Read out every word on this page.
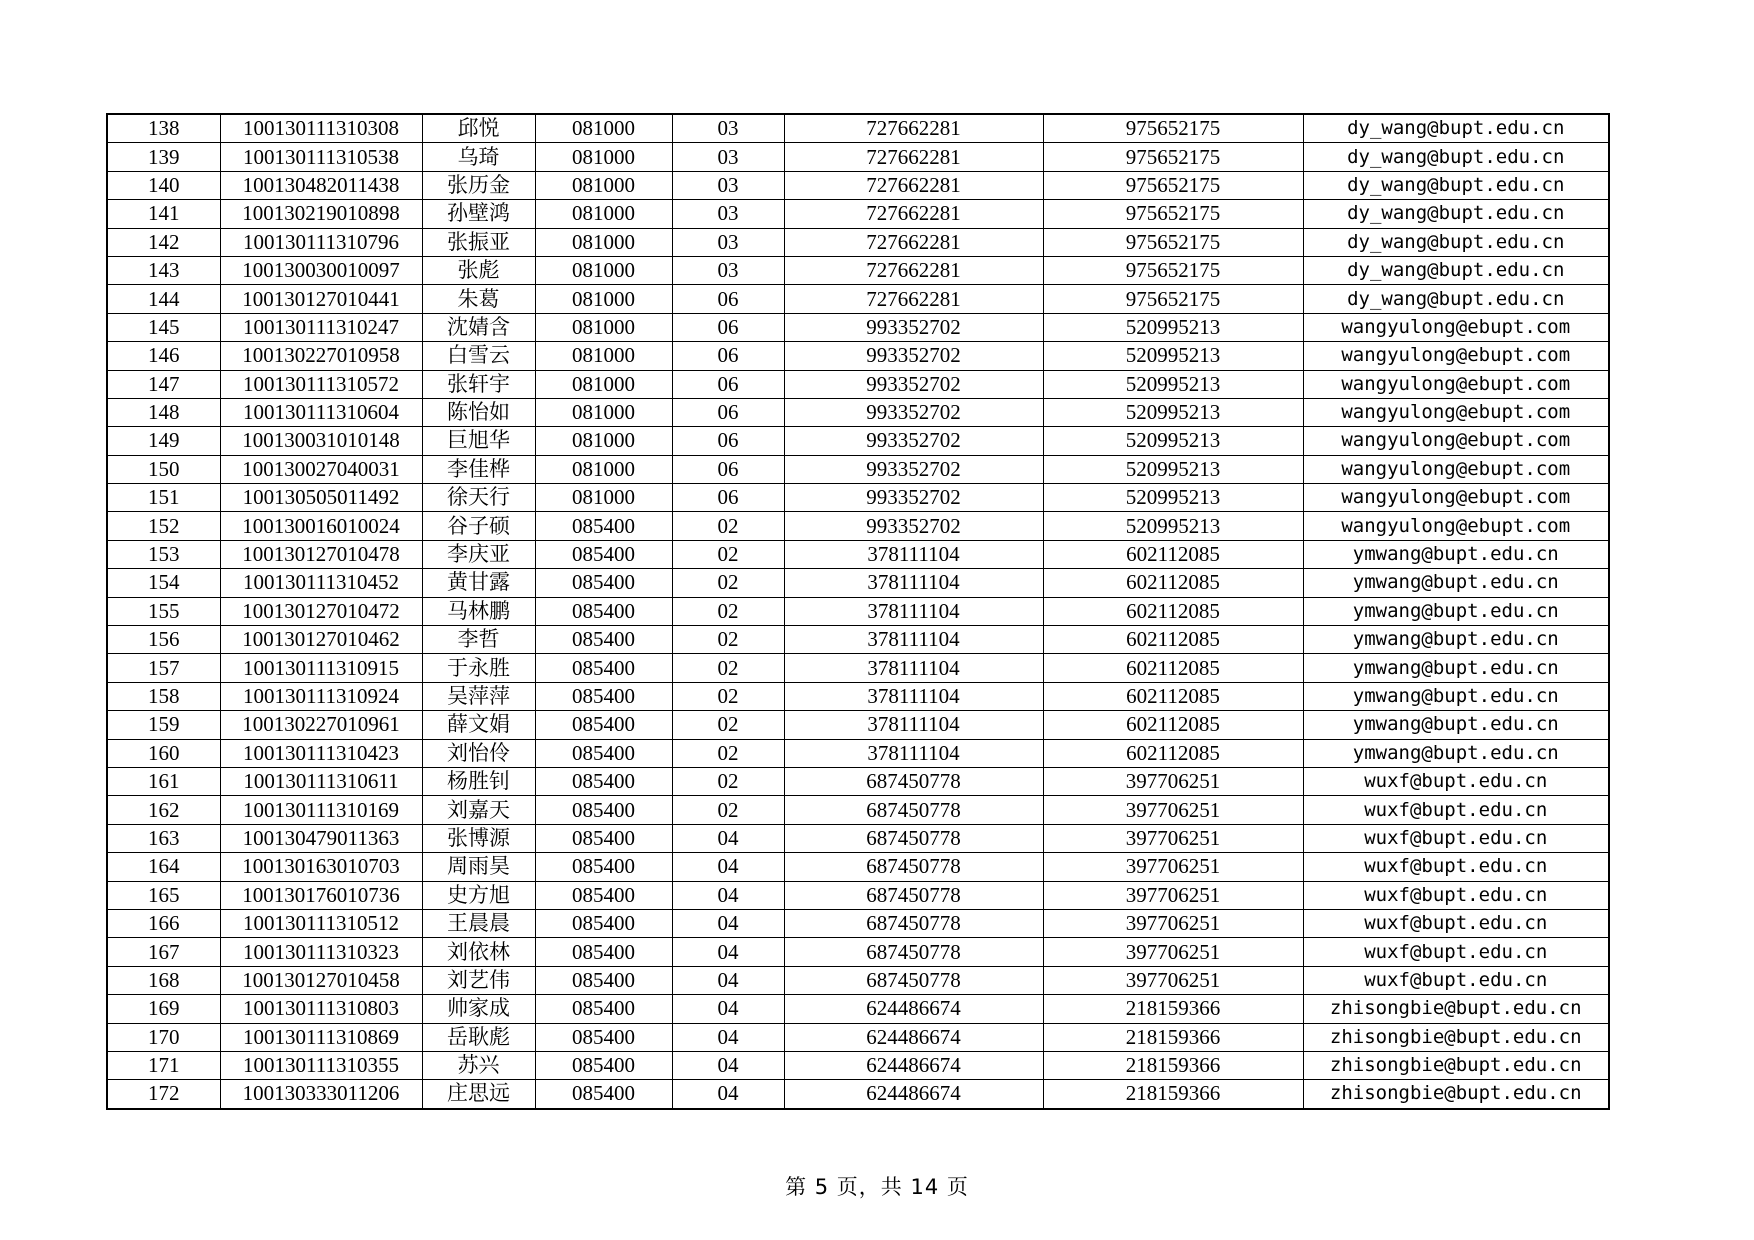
138	100130111310308	邱悦	081000	03	727662281	975652175	dy_wang@bupt.edu.cn
139	100130111310538	乌琦	081000	03	727662281	975652175	dy_wang@bupt.edu.cn
140	100130482011438	张历金	081000	03	727662281	975652175	dy_wang@bupt.edu.cn
141	100130219010898	孙壁鸿	081000	03	727662281	975652175	dy_wang@bupt.edu.cn
142	100130111310796	张振亚	081000	03	727662281	975652175	dy_wang@bupt.edu.cn
143	100130030010097	张彪	081000	03	727662281	975652175	dy_wang@bupt.edu.cn
144	100130127010441	朱葛	081000	06	727662281	975652175	dy_wang@bupt.edu.cn
145	100130111310247	沈婧含	081000	06	993352702	520995213	wangyulong@ebupt.com
146	100130227010958	白雪云	081000	06	993352702	520995213	wangyulong@ebupt.com
147	100130111310572	张轩宇	081000	06	993352702	520995213	wangyulong@ebupt.com
148	100130111310604	陈怡如	081000	06	993352702	520995213	wangyulong@ebupt.com
149	100130031010148	巨旭华	081000	06	993352702	520995213	wangyulong@ebupt.com
150	100130027040031	李佳桦	081000	06	993352702	520995213	wangyulong@ebupt.com
151	100130505011492	徐天行	081000	06	993352702	520995213	wangyulong@ebupt.com
152	100130016010024	谷子硕	085400	02	993352702	520995213	wangyulong@ebupt.com
153	100130127010478	李庆亚	085400	02	378111104	602112085	ymwang@bupt.edu.cn
154	100130111310452	黄甘露	085400	02	378111104	602112085	ymwang@bupt.edu.cn
155	100130127010472	马林鹏	085400	02	378111104	602112085	ymwang@bupt.edu.cn
156	100130127010462	李哲	085400	02	378111104	602112085	ymwang@bupt.edu.cn
157	100130111310915	于永胜	085400	02	378111104	602112085	ymwang@bupt.edu.cn
158	100130111310924	吴萍萍	085400	02	378111104	602112085	ymwang@bupt.edu.cn
159	100130227010961	薛文娟	085400	02	378111104	602112085	ymwang@bupt.edu.cn
160	100130111310423	刘怡伶	085400	02	378111104	602112085	ymwang@bupt.edu.cn
161	100130111310611	杨胜钊	085400	02	687450778	397706251	wuxf@bupt.edu.cn
162	100130111310169	刘嘉天	085400	02	687450778	397706251	wuxf@bupt.edu.cn
163	100130479011363	张博源	085400	04	687450778	397706251	wuxf@bupt.edu.cn
164	100130163010703	周雨昊	085400	04	687450778	397706251	wuxf@bupt.edu.cn
165	100130176010736	史方旭	085400	04	687450778	397706251	wuxf@bupt.edu.cn
166	100130111310512	王晨晨	085400	04	687450778	397706251	wuxf@bupt.edu.cn
167	100130111310323	刘依林	085400	04	687450778	397706251	wuxf@bupt.edu.cn
168	100130127010458	刘艺伟	085400	04	687450778	397706251	wuxf@bupt.edu.cn
169	100130111310803	帅家成	085400	04	624486674	218159366	zhisongbie@bupt.edu.cn
170	100130111310869	岳耿彪	085400	04	624486674	218159366	zhisongbie@bupt.edu.cn
171	100130111310355	苏兴	085400	04	624486674	218159366	zhisongbie@bupt.edu.cn
172	100130333011206	庄思远	085400	04	624486674	218159366	zhisongbie@bupt.edu.cn
第 5 页，共 14 页
